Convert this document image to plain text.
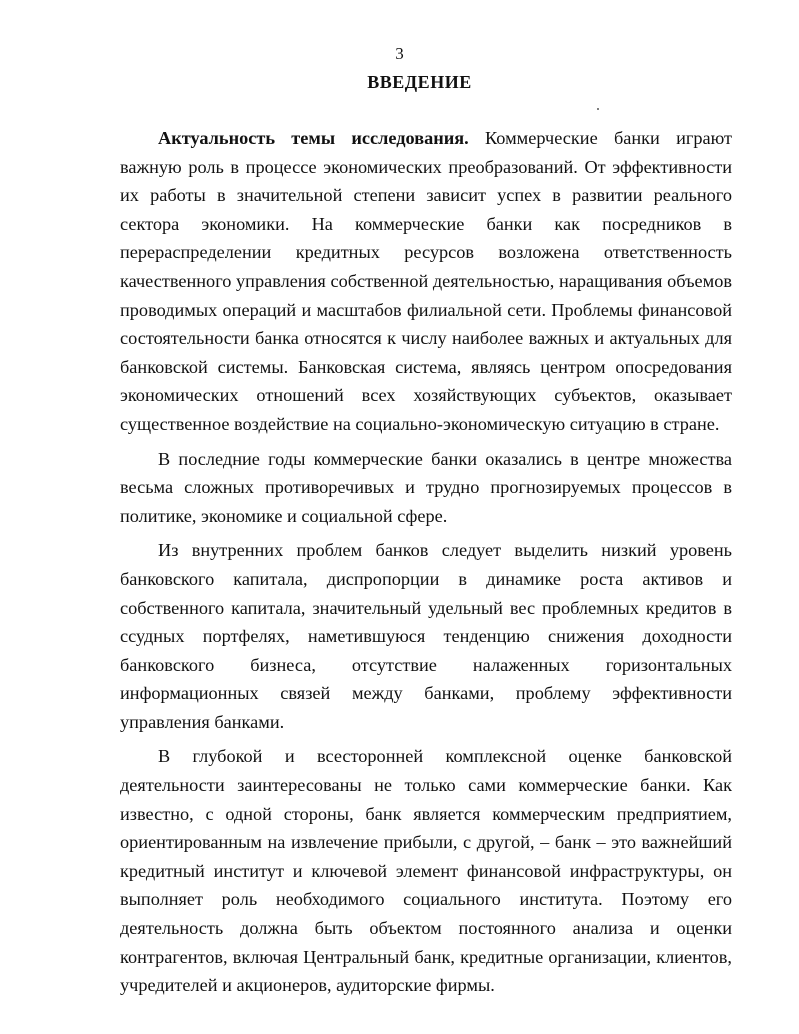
3
ВВЕДЕНИЕ

Актуальность темы исследования. Коммерческие банки играют важную роль в процессе экономических преобразований. От эффективности их работы в значительной степени зависит успех в развитии реального сектора экономики. На коммерческие банки как посредников в перераспределении кредитных ресурсов возложена ответственность качественного управления собственной деятельностью, наращивания объемов проводимых операций и масштабов филиальной сети. Проблемы финансовой состоятельности банка относятся к числу наиболее важных и актуальных для банковской системы. Банковская система, являясь центром опосредования экономических отношений всех хозяйствующих субъектов, оказывает существенное воздействие на социально-экономическую ситуацию в стране.

В последние годы коммерческие банки оказались в центре множества весьма сложных противоречивых и трудно прогнозируемых процессов в политике, экономике и социальной сфере.

Из внутренних проблем банков следует выделить низкий уровень банковского капитала, диспропорции в динамике роста активов и собственного капитала, значительный удельный вес проблемных кредитов в ссудных портфелях, наметившуюся тенденцию снижения доходности банковского бизнеса, отсутствие налаженных горизонтальных информационных связей между банками, проблему эффективности управления банками.

В глубокой и всесторонней комплексной оценке банковской деятельности заинтересованы не только сами коммерческие банки. Как известно, с одной стороны, банк является коммерческим предприятием, ориентированным на извлечение прибыли, с другой, – банк – это важнейший кредитный институт и ключевой элемент финансовой инфраструктуры, он выполняет роль необходимого социального института. Поэтому его деятельность должна быть объектом постоянного анализа и оценки контрагентов, включая Центральный банк, кредитные организации, клиентов, учредителей и акционеров, аудиторские фирмы.
